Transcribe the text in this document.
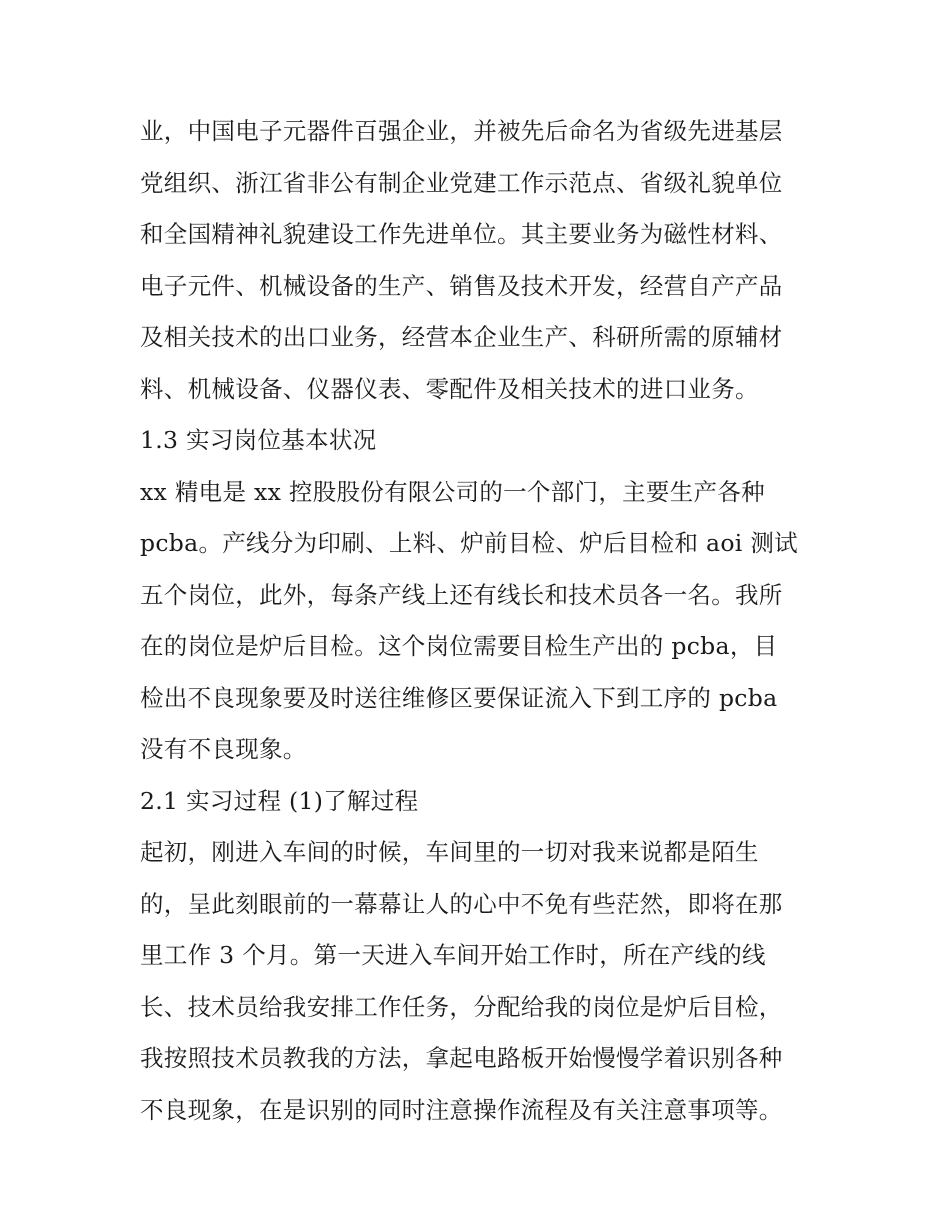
业，中国电子元器件百强企业，并被先后命名为省级先进基层
党组织、浙江省非公有制企业党建工作示范点、省级礼貌单位
和全国精神礼貌建设工作先进单位。其主要业务为磁性材料、
电子元件、机械设备的生产、销售及技术开发，经营自产产品
及相关技术的出口业务，经营本企业生产、科研所需的原辅材
料、机械设备、仪器仪表、零配件及相关技术的进口业务。
1.3 实习岗位基本状况
xx 精电是 xx 控股股份有限公司的一个部门，主要生产各种
pcba。产线分为印刷、上料、炉前目检、炉后目检和 aoi 测试
五个岗位，此外，每条产线上还有线长和技术员各一名。我所
在的岗位是炉后目检。这个岗位需要目检生产出的 pcba，目
检出不良现象要及时送往维修区要保证流入下到工序的 pcba
没有不良现象。
2.1 实习过程 (1)了解过程
起初，刚进入车间的时候，车间里的一切对我来说都是陌生
的，呈此刻眼前的一幕幕让人的心中不免有些茫然，即将在那
里工作 3 个月。第一天进入车间开始工作时，所在产线的线
长、技术员给我安排工作任务，分配给我的岗位是炉后目检，
我按照技术员教我的方法，拿起电路板开始慢慢学着识别各种
不良现象，在是识别的同时注意操作流程及有关注意事项等。
